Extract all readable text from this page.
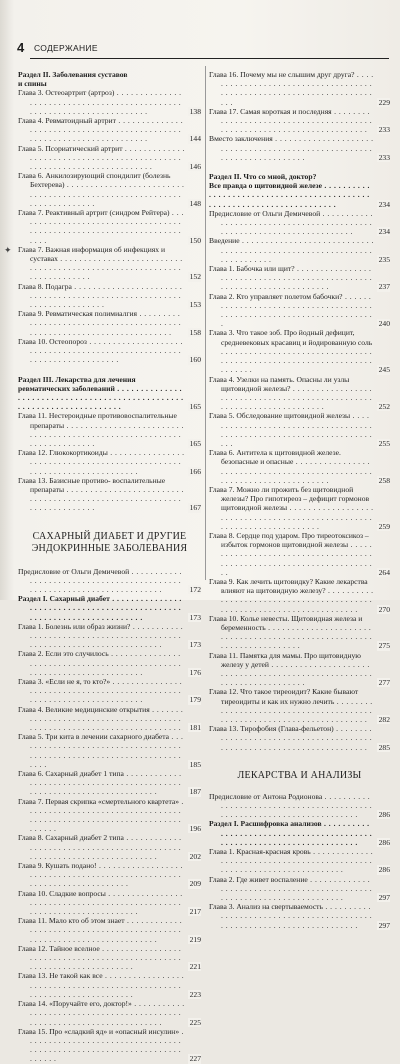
4 СОДЕРЖАНИЕ
✦

Раздел II. Заболевания суставов

и спины

Глава 3. Остеоартрит (артроз) . . .
138
Глава 4. Ревматоидный артрит . . .
144
Глава 5. Псориатический артрит . . .
146
Глава 6. Анкилозирующий спондилит (болезнь Бехтерева) . . .
148
Глава 7. Реактивный артрит (синдром Рейтера) . . .
150
Глава 7. Важная информация об инфекциях и суставах . . .
152
Глава 8. Подагра . . .
153
Глава 9. Ревматическая полимиалгия . . .
158
Глава 10. Остеопороз . . .
160

Раздел III. Лекарства для лечения

ревматических заболеваний . . .
165
Глава 11. Нестероидные противовоспалительные препараты . . .
165
Глава 12. Глюкокортикоиды . . .
166
Глава 13. Базисные противо- воспалительные препараты . . .
167

САХАРНЫЙ ДИАБЕТ И ДРУГИЕ

ЭНДОКРИННЫЕ ЗАБОЛЕВАНИЯ

Предисловие от Ольги Демичевой . . .
172
Раздел I. Сахарный диабет . . .
173
Глава 1. Болезнь или образ жизни? . . .
173
Глава 2. Если это случилось . . .
176
Глава 3. «Если не я, то кто?» . . .
179
Глава 4. Великие медицинские открытия . . .
181
Глава 5. Три кита в лечении сахарного диабета . . .
185
Глава 6. Сахарный диабет 1 типа . . .
187
Глава 7. Первая скрипка «смертельного квартета» . . .
196
Глава 8. Сахарный диабет 2 типа . . .
202
Глава 9. Кушать подано! . . .
209
Глава 10. Сладкие вопросы . . .
217
Глава 11. Мало кто об этом знает . . .
219
Глава 12. Тайное вселное . . .
221
Глава 13. Не такой как все . . .
223
Глава 14. «Поручайте его, доктор!» . . .
225
Глава 15. Про «сладкий яд» и «опасный инсулин» . . .
227
Глава 16. Почему мы не слышим друг друга? . . .
229
Глава 17. Самая короткая и последняя . . .
233
Вместо заключения . . .
233

Раздел II. Что со мной, доктор?

Все правда о щитовидной железе . . .
234
Предисловие от Ольги Демичевой . . .
234
Введение . . .
235
Глава 1. Бабочка или щит? . . .
237
Глава 2. Кто управляет полетом бабочки? . . .
240
Глава 3. Что такое зоб. Про йодный дефицит, средневековых красавиц и йодированную соль . . .
245
Глава 4. Узелки на память. Опасны ли узлы щитовидной железы? . . .
252
Глава 5. Обследование щитовидной железы . . .
255
Глава 6. Антитела к щитовидной железе. безопасные и опасные . . .
258
Глава 7. Можно ли прожить без щитовидной железы? Про гипотиреоз – дефицит гормонов щитовидной железы . . .
259
Глава 8. Сердце под ударом. Про тиреотоксикоз – избыток гормонов щитовидной железы . . .
264
Глава 9. Как лечить щитовидку? Какие лекарства влияют на щитовидную железу? . . .
270
Глава 10. Колье невесты. Щитовидная железа и беременность . . .
275
Глава 11. Памятка для мамы. Про щитовидную железу у детей . . .
277
Глава 12. Что такое тиреоидит? Какие бывают тиреоидиты и как их нужно лечить . . .
282
Глава 13. Тирофобия (Глава-фельетон) . . .
285

ЛЕКАРСТВА И АНАЛИЗЫ

Предисловие от Антона Родионова . . .
286
Раздел I. Расшифровка анализов . . .
286
Глава 1. Красная-красная кровь . . .
286
Глава 2. Где живет воспаление . . .
297
Глава 3. Анализ на свертываемость . . .
297
